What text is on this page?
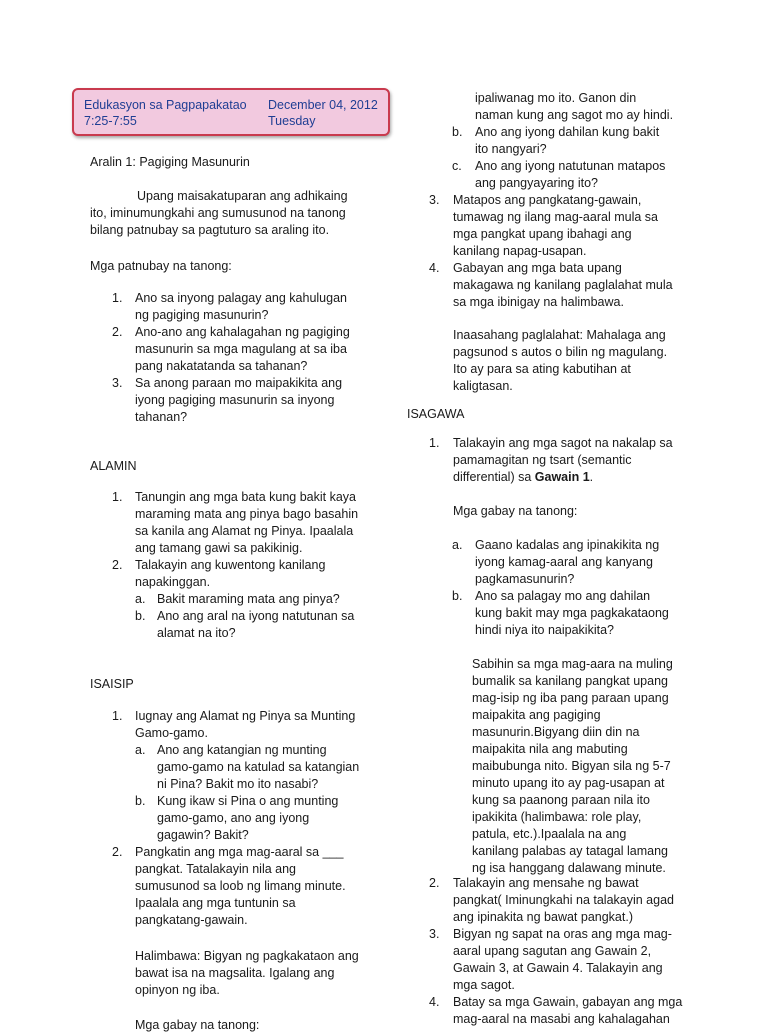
Edukasyon sa Pagpapakatao
7:25-7:55
December 04, 2012
Tuesday
Aralin 1: Pagiging Masunurin
Upang maisakatuparan ang adhikaing
ito, iminumungkahi ang sumusunod na tanong
bilang patnubay sa pagtuturo sa araling ito.
Mga patnubay na tanong:
1. Ano sa inyong palagay ang kahulugan
ng pagiging masunurin?
2. Ano-ano ang kahalagahan ng pagiging
masunurin sa mga magulang at sa iba
pang nakatatanda sa tahanan?
3. Sa anong paraan mo maipakikita ang
iyong pagiging masunurin sa inyong
tahanan?
ALAMIN
1. Tanungin ang mga bata kung bakit kaya
maraming mata ang pinya bago basahin
sa kanila ang Alamat ng Pinya. Ipaalala
ang tamang gawi sa pakikinig.
2. Talakayin ang kuwentong kanilang
napakinggan.
a. Bakit maraming mata ang pinya?
b. Ano ang aral na iyong natutunan sa
alamat na ito?
ISAISIP
1. Iugnay ang Alamat ng Pinya sa Munting
Gamo-gamo.
a. Ano ang katangian ng munting
gamo-gamo na katulad sa katangian
ni Pina? Bakit mo ito nasabi?
b. Kung ikaw si Pina o ang munting
gamo-gamo, ano ang iyong
gagawin? Bakit?
2. Pangkatin ang mga mag-aaral sa ___
pangkat. Tatalakayin nila ang
sumusunod sa loob ng limang minute.
Ipaalala ang mga tuntunin sa
pangkatang-gawain.
Halimbawa: Bigyan ng pagkakataon ang
bawat isa na magsalita. Igalang ang
opinyon ng iba.
Mga gabay na tanong:
ipaliwanag mo ito. Ganon din
naman kung ang sagot mo ay hindi.
b. Ano ang iyong dahilan kung bakit
ito nangyari?
c. Ano ang iyong natutunan matapos
ang pangyayaring ito?
3. Matapos ang pangkatang-gawain,
tumawag ng ilang mag-aaral mula sa
mga pangkat upang ibahagi ang
kanilang napag-usapan.
4. Gabayan ang mga bata upang
makagawa ng kanilang paglalahat mula
sa mga ibinigay na halimbawa.
Inaasahang paglalahat: Mahalaga ang
pagsunod s autos o bilin ng magulang.
Ito ay para sa ating kabutihan at
kaligtasan.
ISAGAWA
1. Talakayin ang mga sagot na nakalap sa
pamamagitan ng tsart (semantic
differential) sa Gawain 1.
Mga gabay na tanong:
a. Gaano kadalas ang ipinakikita ng
iyong kamag-aaral ang kanyang
pagkamasunurin?
b. Ano sa palagay mo ang dahilan
kung bakit may mga pagkakataong
hindi niya ito naipakikita?
Sabihin sa mga mag-aara na muling
bumalik sa kanilang pangkat upang
mag-isip ng iba pang paraan upang
maipakita ang pagiging
masunurin.Bigyang diin din na
maipakita nila ang mabuting
maibubunga nito. Bigyan sila ng 5-7
minuto upang ito ay pag-usapan at
kung sa paanong paraan nila ito
ipakikita (halimbawa: role play,
patula, etc.).Ipaalala na ang
kanilang palabas ay tatagal lamang
ng isa hanggang dalawang minute.
2. Talakayin ang mensahe ng bawat
pangkat( Iminungkahi na talakayin agad
ang ipinakita ng bawat pangkat.)
3. Bigyan ng sapat na oras ang mga mag-
aaral upang sagutan ang Gawain 2,
Gawain 3, at Gawain 4. Talakayin ang
mga sagot.
4. Batay sa mga Gawain, gabayan ang mga
mag-aaral na masabi ang kahalagahan
